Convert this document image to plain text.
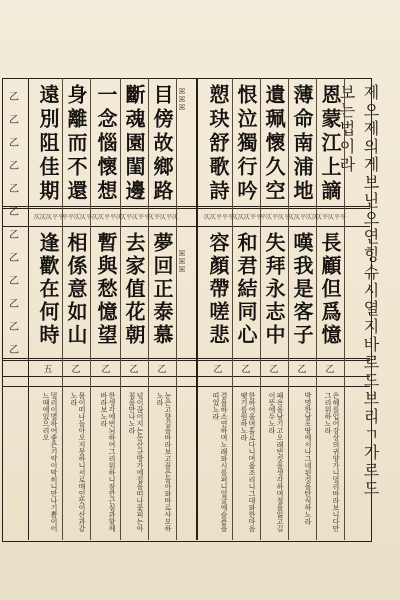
제오제의게보닌오연힝슈시열지바로도브리ㄱ가로도보는법이라
乙
乙
乙
乙
乙
乙
乙
乙
乙
乙
乙
乙
恩蒙江上謫
仄平仄平平
長顧但爲憶
乙
은혜를입어강상의귀양가니멀리바라보니다만그리워하노라
薄命南浦地
仄仄平仄仄
嘆我是客子
乙
박명한남포땅에서나그네된것을탄식하노라
遺珮懷久空
平仄平仄平
失拜永志中
乙
패옥을남기고오래빈것을생각하며절을잃고길이뜻에두노라
恨泣獨行吟
仄仄仄平平
和君結同心
乙
한하여울며홀로다니며읊조리니그대와한마음맺기를원하노라
愬玦舒歌詩
仄仄平平平
容顏帶嗟悲
乙
결을하소연하며노래와시를펴니얼굴에슬픔을띠었노라
目傍故鄉路
仄平仄平仄
夢回正泰慕
乙
눈은고향길을바라보고꿈은돌아와바로사모하노라
斷魂園閨邊
仄平仄平平
去家值花朝
乙
넋이끊어지는동산규방가에집을떠나꽃피는아침을만나노라
一念惱懷想
仄仄平平仄
暫與愁憶望
乙
한생각에번뇌하여그리워하니잠깐근심과함께바라보노라
身離而不還
平平仄仄平
相係意如山
乙
몸이떠나돌아오지못하니서로매인뜻이산과같노라
遠別阻佳期
仄仄仄平平
逢歡在何時
五
멀리이별하여좋은기약이막히니만나기쁨이어느때에있으리오
ꕤ
ꕤ
ꕤ
ꕤ
ꕤ
ꕤ
